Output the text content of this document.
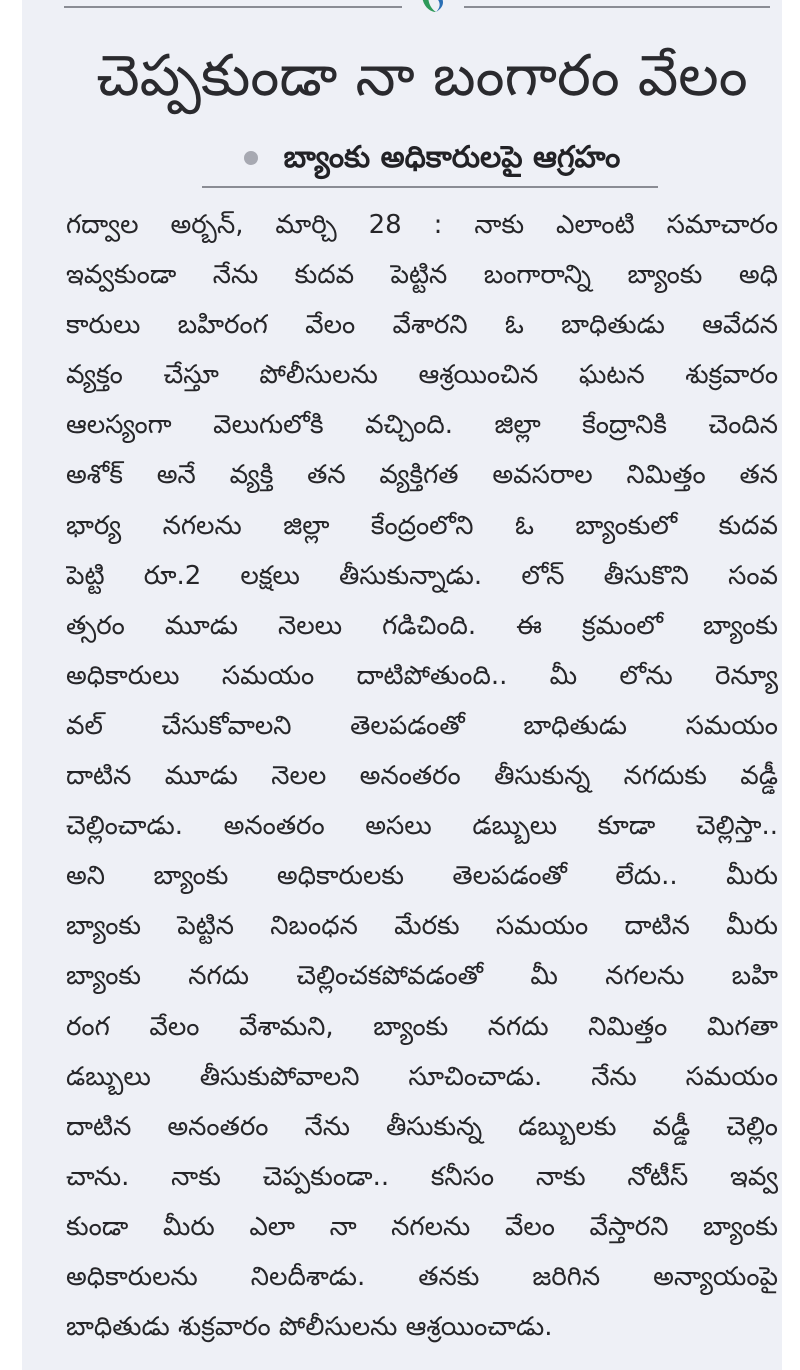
చెప్పకుండా నా బంగారం వేలం
బ్యాంకు అధికారులపై ఆగ్రహం
గద్వాల అర్బన్, మార్చి 28 : నాకు ఎలాంటి సమాచారం
ఇవ్వకుండా నేను కుదవ పెట్టిన బంగారాన్ని బ్యాంకు అధి
కారులు బహిరంగ వేలం వేశారని ఓ బాధితుడు ఆవేదన
వ్యక్తం చేస్తూ పోలీసులను ఆశ్రయించిన ఘటన శుక్రవారం
ఆలస్యంగా వెలుగులోకి వచ్చింది. జిల్లా కేంద్రానికి చెందిన
అశోక్ అనే వ్యక్తి తన వ్యక్తిగత అవసరాల నిమిత్తం తన
భార్య నగలను జిల్లా కేంద్రంలోని ఓ బ్యాంకులో కుదవ
పెట్టి రూ.2 లక్షలు తీసుకున్నాడు. లోన్ తీసుకొని సంవ
త్సరం మూడు నెలలు గడిచింది. ఈ క్రమంలో బ్యాంకు
అధికారులు సమయం దాటిపోతుంది.. మీ లోను రెన్యూ
వల్ చేసుకోవాలని తెలపడంతో బాధితుడు సమయం
దాటిన మూడు నెలల అనంతరం తీసుకున్న నగదుకు వడ్డీ
చెల్లించాడు. అనంతరం అసలు డబ్బులు కూడా చెల్లిస్తా..
అని బ్యాంకు అధికారులకు తెలపడంతో లేదు.. మీరు
బ్యాంకు పెట్టిన నిబంధన మేరకు సమయం దాటిన మీరు
బ్యాంకు నగదు చెల్లించకపోవడంతో మీ నగలను బహి
రంగ వేలం వేశామని, బ్యాంకు నగదు నిమిత్తం మిగతా
డబ్బులు తీసుకుపోవాలని సూచించాడు. నేను సమయం
దాటిన అనంతరం నేను తీసుకున్న డబ్బులకు వడ్డీ చెల్లిం
చాను. నాకు చెప్పకుండా.. కనీసం నాకు నోటీస్ ఇవ్వ
కుండా మీరు ఎలా నా నగలను వేలం వేస్తారని బ్యాంకు
అధికారులను నిలదీశాడు. తనకు జరిగిన అన్యాయంపై
బాధితుడు శుక్రవారం పోలీసులను ఆశ్రయించాడు.
